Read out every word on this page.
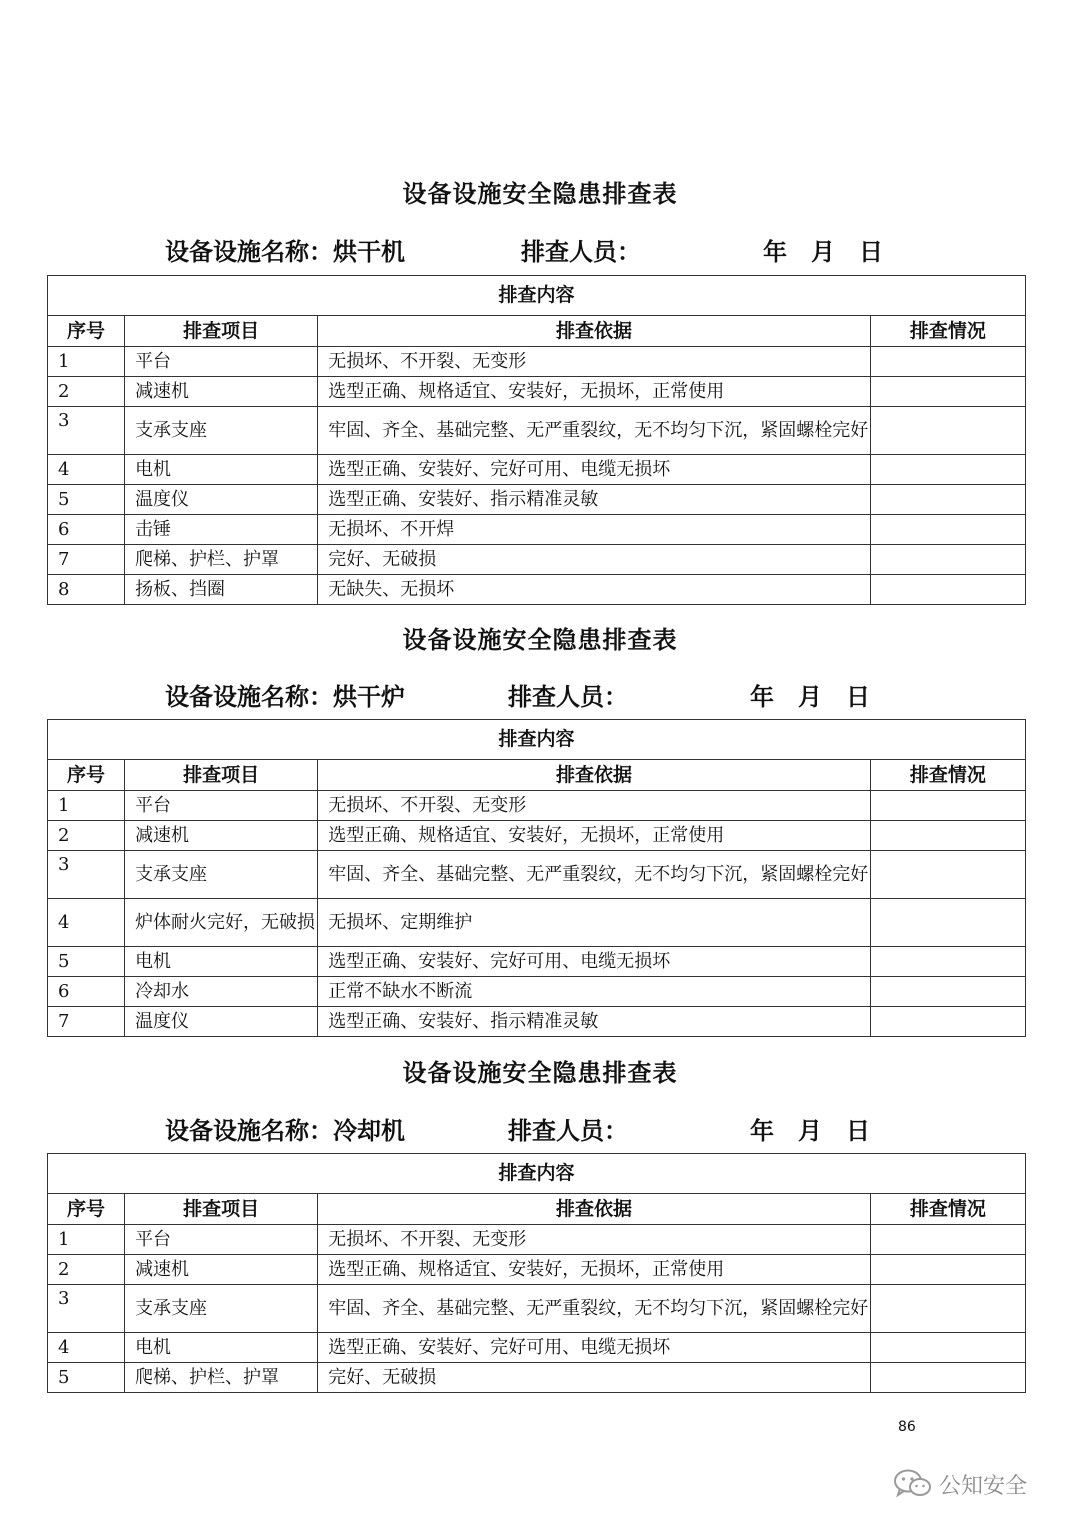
设备设施安全隐患排查表
设备设施名称：烘干机	排查人员：	年　月　日
排查内容			
序号	排查项目	排查依据	排查情况
1	平台	无损坏、不开裂、无变形	
2	减速机	选型正确、规格适宜、安装好，无损坏，正常使用	
3	支承支座	牢固、齐全、基础完整、无严重裂纹，无不均匀下沉，紧固螺栓完好	
4	电机	选型正确、安装好、完好可用、电缆无损坏	
5	温度仪	选型正确、安装好、指示精准灵敏	
6	击锤	无损坏、不开焊	
7	爬梯、护栏、护罩	完好、无破损	
8	扬板、挡圈	无缺失、无损坏	
设备设施安全隐患排查表
设备设施名称：烘干炉	排查人员：	年　月　日
排查内容			
序号	排查项目	排查依据	排查情况
1	平台	无损坏、不开裂、无变形	
2	减速机	选型正确、规格适宜、安装好，无损坏，正常使用	
3	支承支座	牢固、齐全、基础完整、无严重裂纹，无不均匀下沉，紧固螺栓完好	
4	炉体耐火完好，无破损	无损坏、定期维护	
5	电机	选型正确、安装好、完好可用、电缆无损坏	
6	冷却水	正常不缺水不断流	
7	温度仪	选型正确、安装好、指示精准灵敏	
设备设施安全隐患排查表
设备设施名称：冷却机	排查人员：	年　月　日
排查内容			
序号	排查项目	排查依据	排查情况
1	平台	无损坏、不开裂、无变形	
2	减速机	选型正确、规格适宜、安装好，无损坏，正常使用	
3	支承支座	牢固、齐全、基础完整、无严重裂纹，无不均匀下沉，紧固螺栓完好	
4	电机	选型正确、安装好、完好可用、电缆无损坏	
5	爬梯、护栏、护罩	完好、无破损	
86
公知安全
